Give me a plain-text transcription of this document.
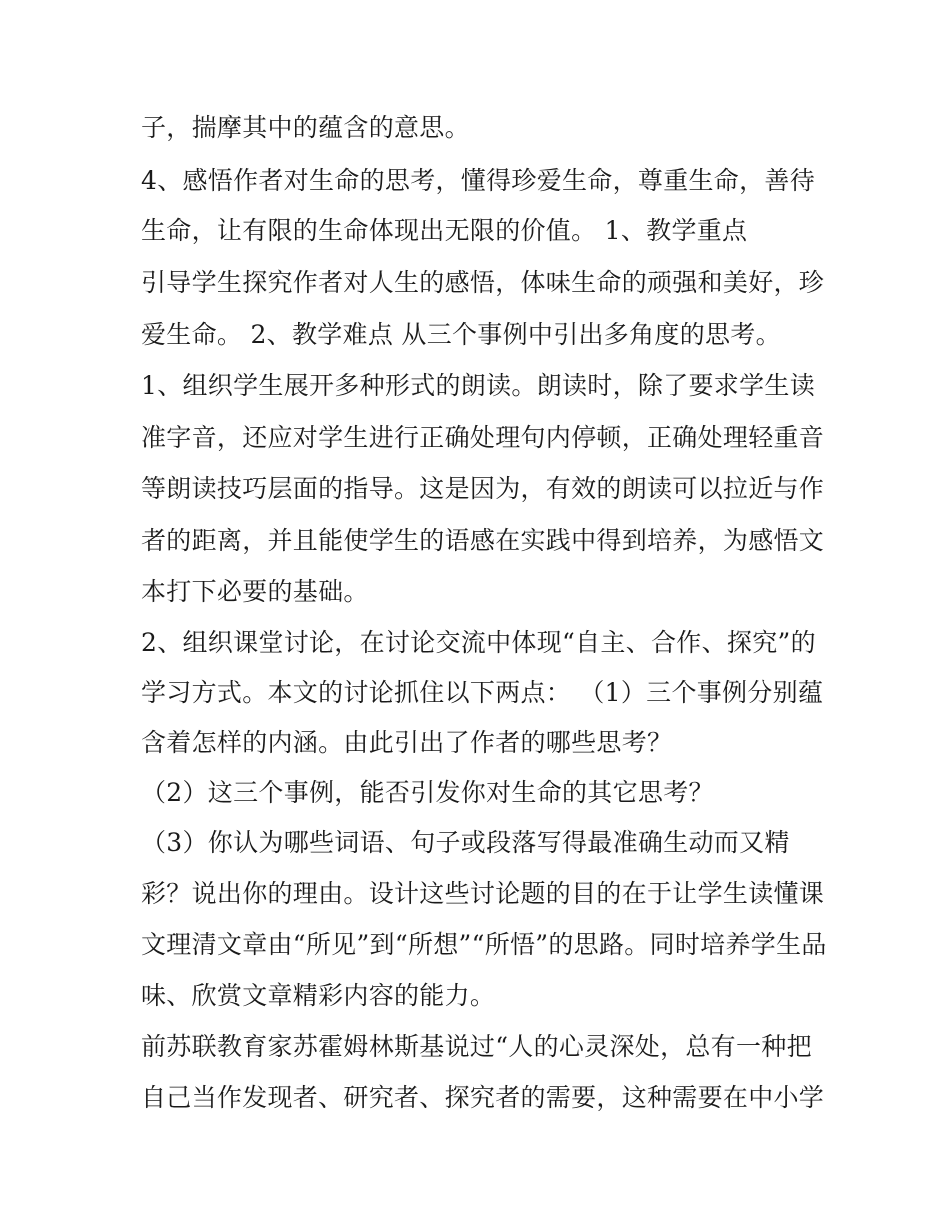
子，揣摩其中的蕴含的意思。
4、感悟作者对生命的思考，懂得珍爱生命，尊重生命，善待
生命，让有限的生命体现出无限的价值。 1、教学重点
引导学生探究作者对人生的感悟，体味生命的顽强和美好，珍
爱生命。 2、教学难点 从三个事例中引出多角度的思考。
1、组织学生展开多种形式的朗读。朗读时，除了要求学生读
准字音，还应对学生进行正确处理句内停顿，正确处理轻重音
等朗读技巧层面的指导。这是因为，有效的朗读可以拉近与作
者的距离，并且能使学生的语感在实践中得到培养，为感悟文
本打下必要的基础。
2、组织课堂讨论，在讨论交流中体现“自主、合作、探究”的
学习方式。本文的讨论抓住以下两点： （1）三个事例分别蕴
含着怎样的内涵。由此引出了作者的哪些思考？
（2）这三个事例，能否引发你对生命的其它思考？
（3）你认为哪些词语、句子或段落写得最准确生动而又精
彩？说出你的理由。设计这些讨论题的目的在于让学生读懂课
文理清文章由“所见”到“所想”“所悟”的思路。同时培养学生品
味、欣赏文章精彩内容的能力。
前苏联教育家苏霍姆林斯基说过“人的心灵深处，总有一种把
自己当作发现者、研究者、探究者的需要，这种需要在中小学
